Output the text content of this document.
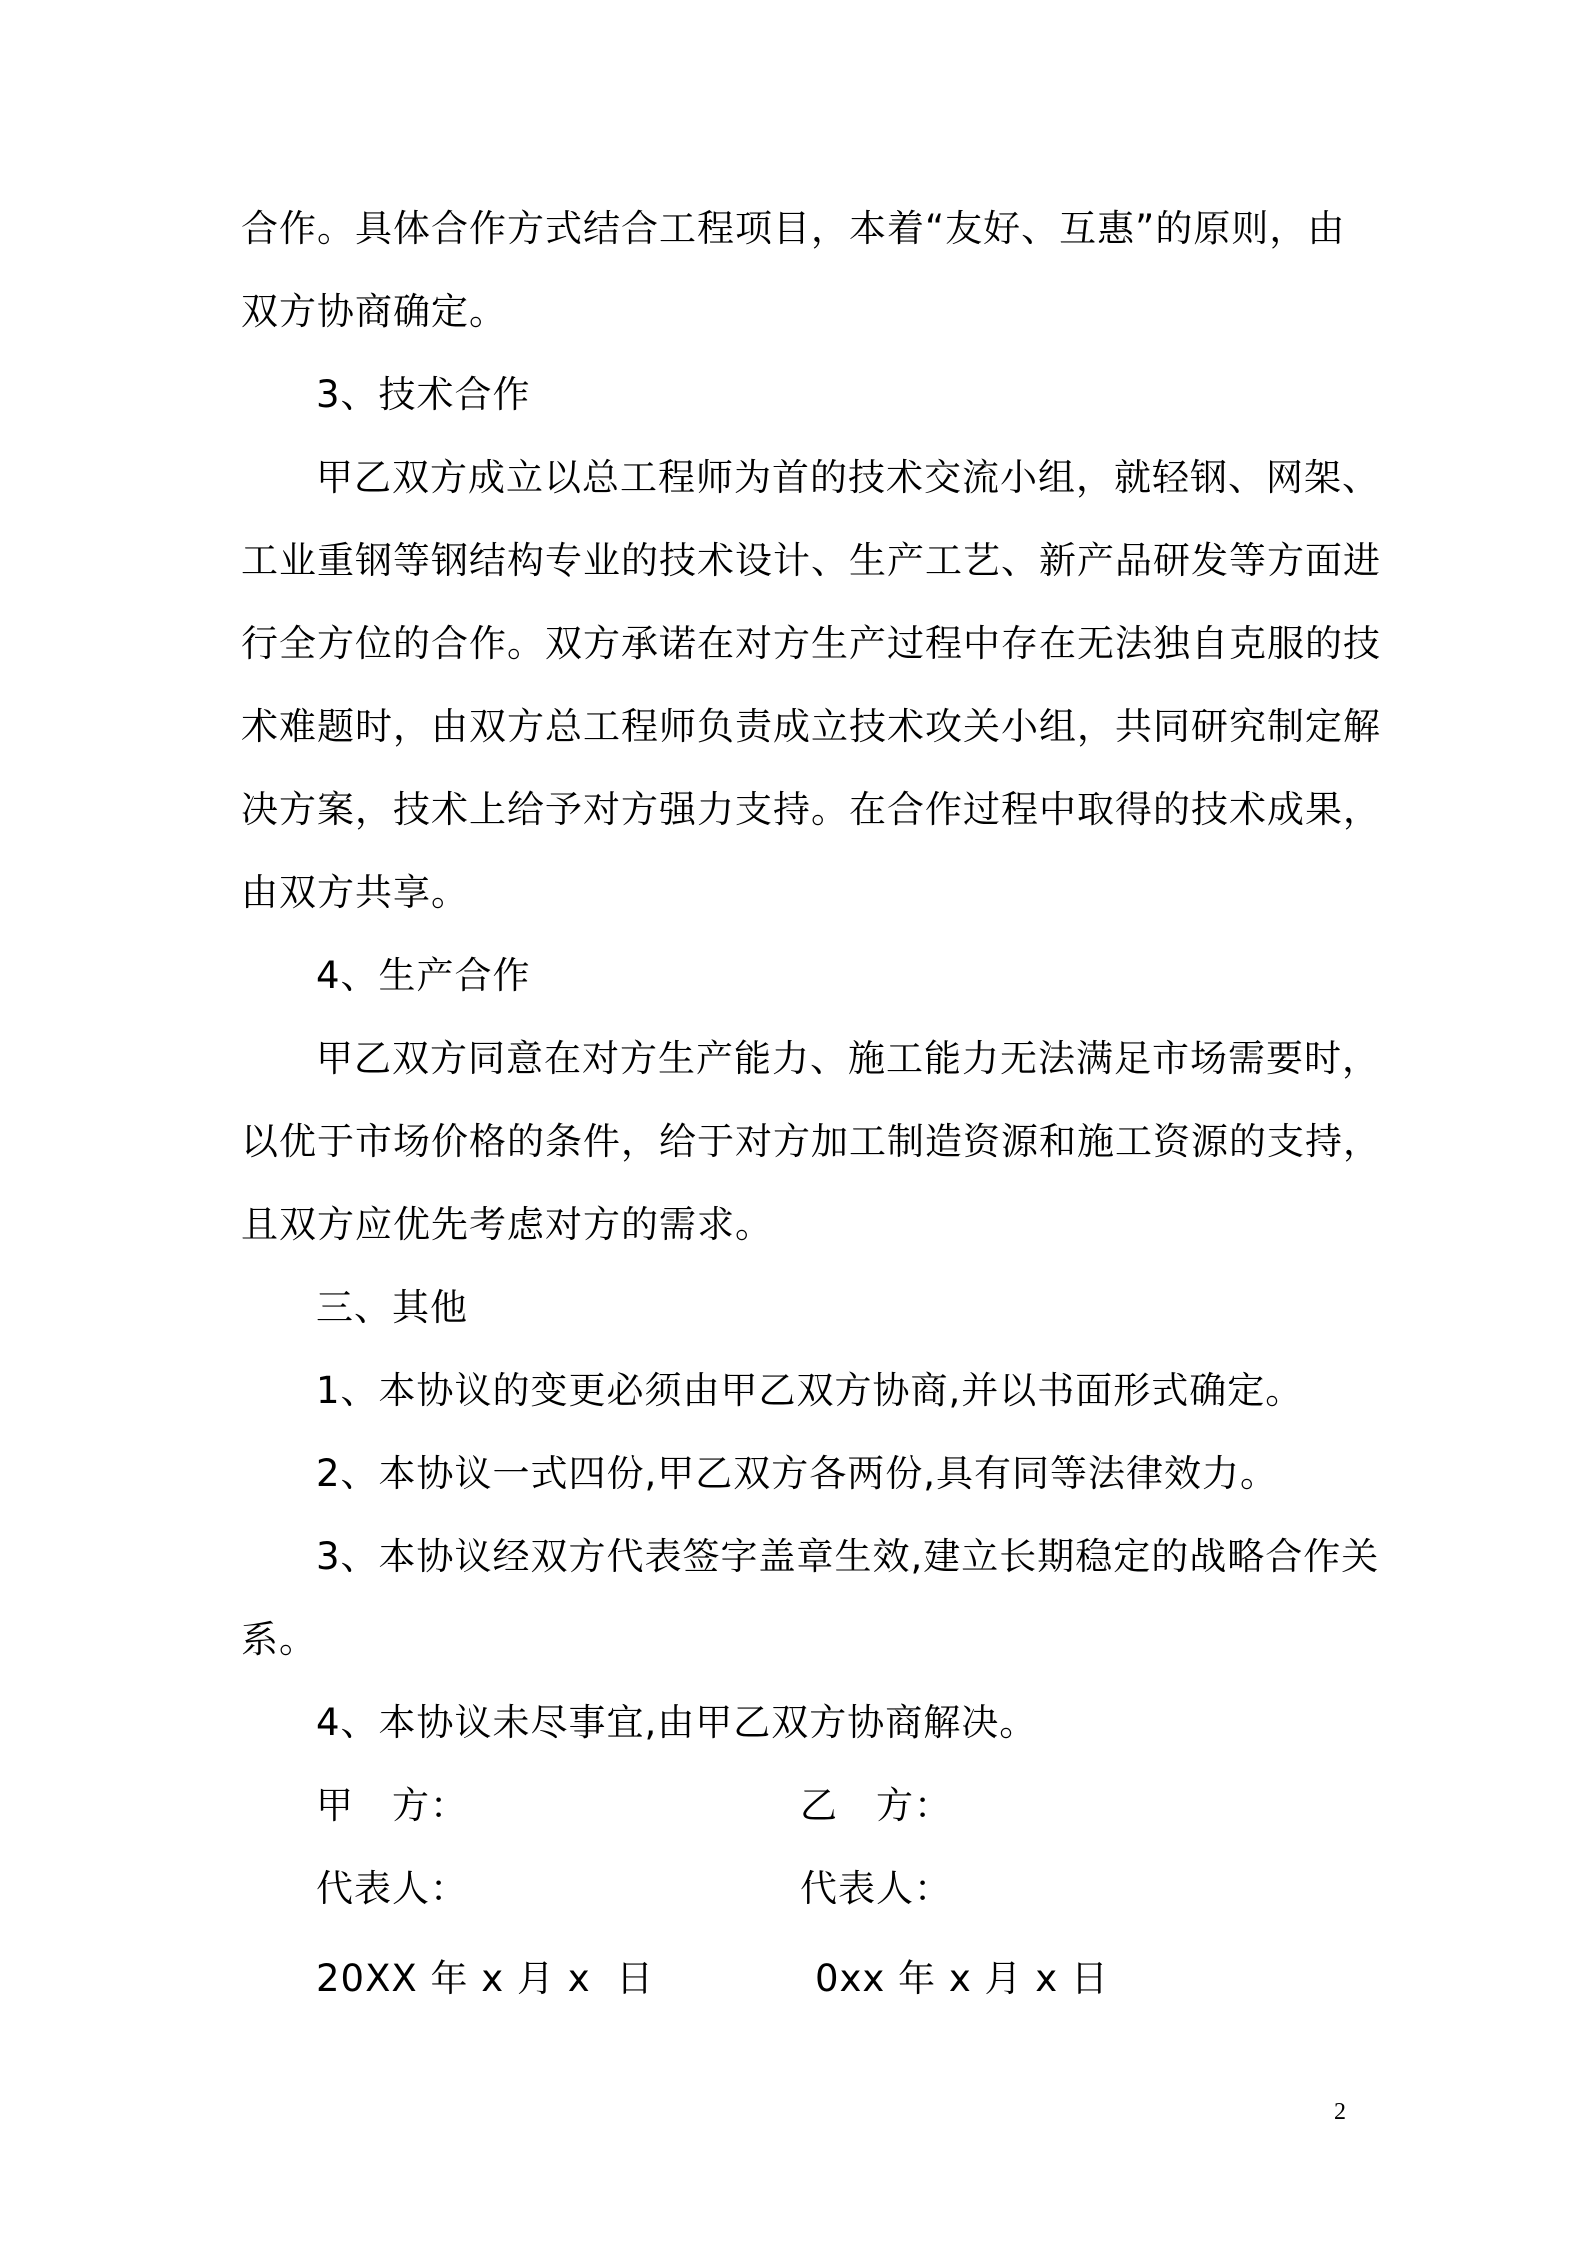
合作。具体合作方式结合工程项目，本着“友好、互惠”的原则，由
双方协商确定。
3、技术合作
甲乙双方成立以总工程师为首的技术交流小组，就轻钢、网架、
工业重钢等钢结构专业的技术设计、生产工艺、新产品研发等方面进
行全方位的合作。双方承诺在对方生产过程中存在无法独自克服的技
术难题时，由双方总工程师负责成立技术攻关小组，共同研究制定解
决方案，技术上给予对方强力支持。在合作过程中取得的技术成果，
由双方共享。
4、生产合作
甲乙双方同意在对方生产能力、施工能力无法满足市场需要时，
以优于市场价格的条件，给于对方加工制造资源和施工资源的支持，
且双方应优先考虑对方的需求。
三、其他
1、本协议的变更必须由甲乙双方协商,并以书面形式确定。
2、本协议一式四份,甲乙双方各两份,具有同等法律效力。
3、本协议经双方代表签字盖章生效,建立长期稳定的战略合作关
系。
4、本协议未尽事宜,由甲乙双方协商解决。
甲　方：	乙　方：
代表人：	代表人：
20XX 年 x 月 x  日	0xx 年 x 月 x 日
2
